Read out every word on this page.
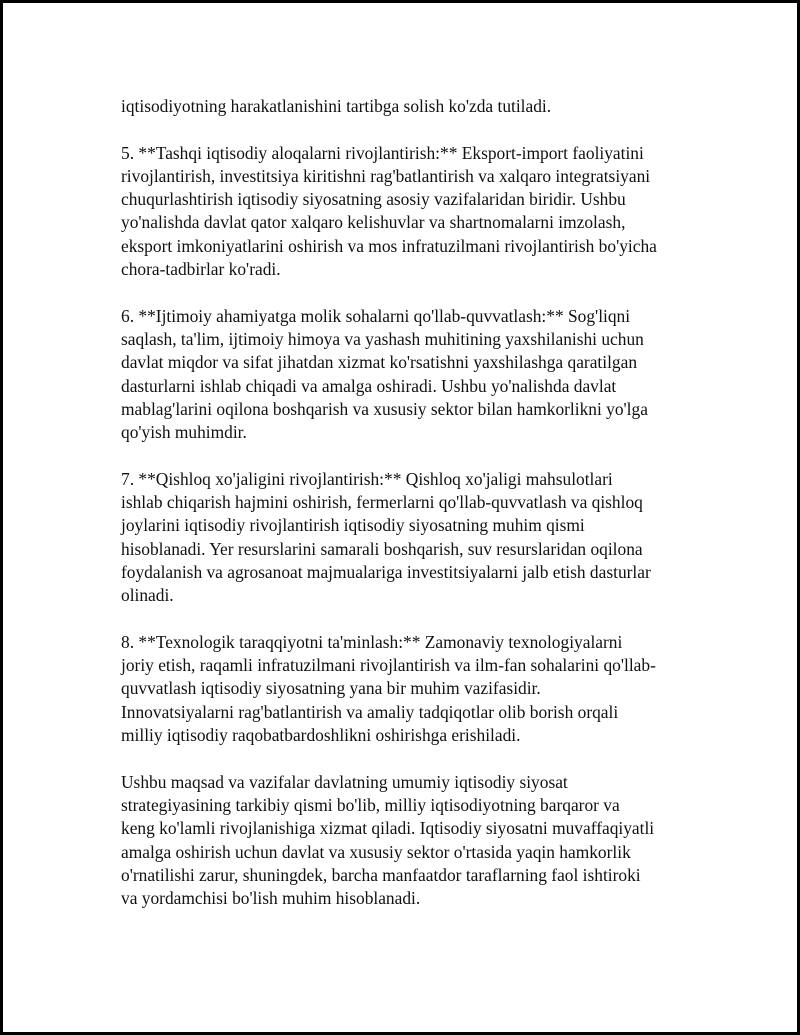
iqtisodiyotning harakatlanishini tartibga solish ko'zda tutiladi.

5. **Tashqi iqtisodiy aloqalarni rivojlantirish:** Eksport-import faoliyatini
rivojlantirish, investitsiya kiritishni rag'batlantirish va xalqaro integratsiyani
chuqurlashtirish iqtisodiy siyosatning asosiy vazifalaridan biridir. Ushbu
yo'nalishda davlat qator xalqaro kelishuvlar va shartnomalarni imzolash,
eksport imkoniyatlarini oshirish va mos infratuzilmani rivojlantirish bo'yicha
chora-tadbirlar ko'radi.

6. **Ijtimoiy ahamiyatga molik sohalarni qo'llab-quvvatlash:** Sog'liqni
saqlash, ta'lim, ijtimoiy himoya va yashash muhitining yaxshilanishi uchun
davlat miqdor va sifat jihatdan xizmat ko'rsatishni yaxshilashga qaratilgan
dasturlarni ishlab chiqadi va amalga oshiradi. Ushbu yo'nalishda davlat
mablag'larini oqilona boshqarish va xususiy sektor bilan hamkorlikni yo'lga
qo'yish muhimdir.

7. **Qishloq xo'jaligini rivojlantirish:** Qishloq xo'jaligi mahsulotlari
ishlab chiqarish hajmini oshirish, fermerlarni qo'llab-quvvatlash va qishloq
joylarini iqtisodiy rivojlantirish iqtisodiy siyosatning muhim qismi
hisoblanadi. Yer resurslarini samarali boshqarish, suv resurslaridan oqilona
foydalanish va agrosanoat majmualariga investitsiyalarni jalb etish dasturlar
olinadi.

8. **Texnologik taraqqiyotni ta'minlash:** Zamonaviy texnologiyalarni
joriy etish, raqamli infratuzilmani rivojlantirish va ilm-fan sohalarini qo'llab-
quvvatlash iqtisodiy siyosatning yana bir muhim vazifasidir.
Innovatsiyalarni rag'batlantirish va amaliy tadqiqotlar olib borish orqali
milliy iqtisodiy raqobatbardoshlikni oshirishga erishiladi.

Ushbu maqsad va vazifalar davlatning umumiy iqtisodiy siyosat
strategiyasining tarkibiy qismi bo'lib, milliy iqtisodiyotning barqaror va
keng ko'lamli rivojlanishiga xizmat qiladi. Iqtisodiy siyosatni muvaffaqiyatli
amalga oshirish uchun davlat va xususiy sektor o'rtasida yaqin hamkorlik
o'rnatilishi zarur, shuningdek, barcha manfaatdor taraflarning faol ishtiroki
va yordamchisi bo'lish muhim hisoblanadi.
